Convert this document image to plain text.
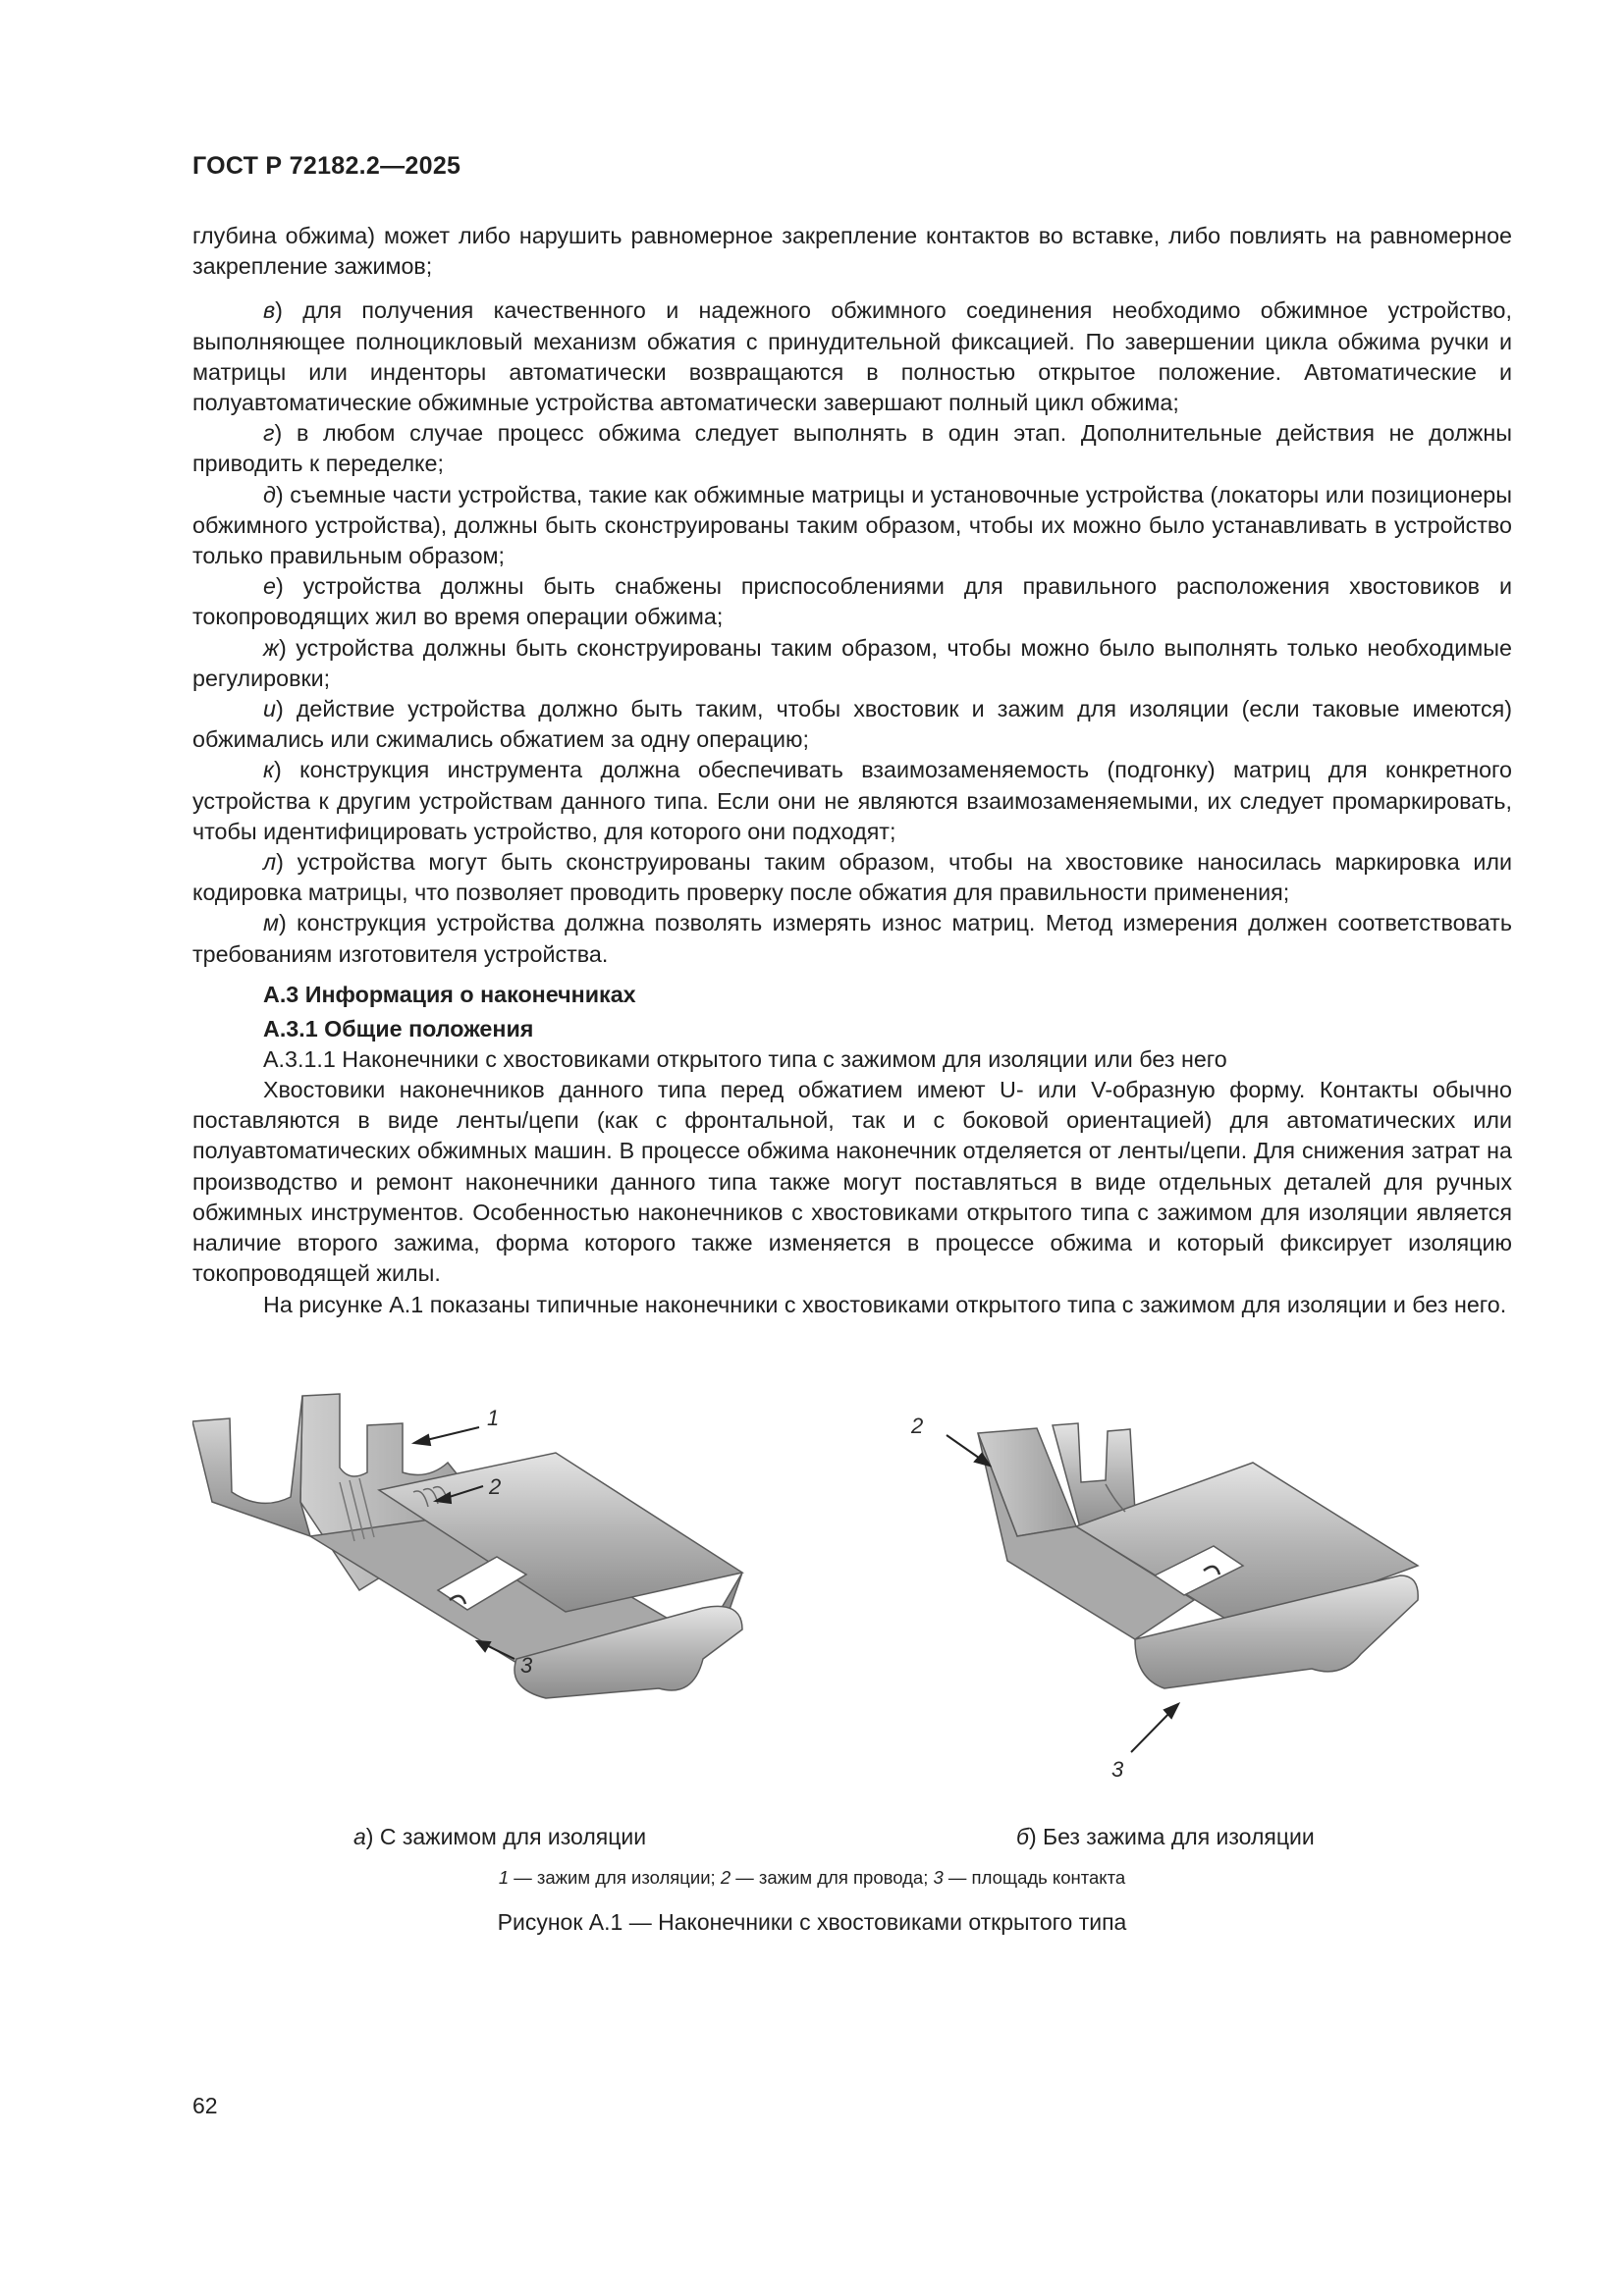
ГОСТ Р 72182.2—2025

глубина обжима) может либо нарушить равномерное закрепление контактов во вставке, либо повлиять на равномерное закрепление зажимов;

в) для получения качественного и надежного обжимного соединения необходимо обжимное устройство, выполняющее полноцикловый механизм обжатия с принудительной фиксацией. По завершении цикла обжима ручки и матрицы или инденторы автоматически возвращаются в полностью открытое положение. Автоматические и полуавтоматические обжимные устройства автоматически завершают полный цикл обжима;

г) в любом случае процесс обжима следует выполнять в один этап. Дополнительные действия не должны приводить к переделке;

д) съемные части устройства, такие как обжимные матрицы и установочные устройства (локаторы или позиционеры обжимного устройства), должны быть сконструированы таким образом, чтобы их можно было устанавливать в устройство только правильным образом;

е) устройства должны быть снабжены приспособлениями для правильного расположения хвостовиков и токопроводящих жил во время операции обжима;

ж) устройства должны быть сконструированы таким образом, чтобы можно было выполнять только необходимые регулировки;

и) действие устройства должно быть таким, чтобы хвостовик и зажим для изоляции (если таковые имеются) обжимались или сжимались обжатием за одну операцию;

к) конструкция инструмента должна обеспечивать взаимозаменяемость (подгонку) матриц для конкретного устройства к другим устройствам данного типа. Если они не являются взаимозаменяемыми, их следует промаркировать, чтобы идентифицировать устройство, для которого они подходят;

л) устройства могут быть сконструированы таким образом, чтобы на хвостовике наносилась маркировка или кодировка матрицы, что позволяет проводить проверку после обжатия для правильности применения;

м) конструкция устройства должна позволять измерять износ матриц. Метод измерения должен соответствовать требованиям изготовителя устройства.

А.3 Информация о наконечниках
А.3.1 Общие положения

А.3.1.1 Наконечники с хвостовиками открытого типа с зажимом для изоляции или без него

Хвостовики наконечников данного типа перед обжатием имеют U- или V-образную форму. Контакты обычно поставляются в виде ленты/цепи (как с фронтальной, так и с боковой ориентацией) для автоматических или полуавтоматических обжимных машин. В процессе обжима наконечник отделяется от ленты/цепи. Для снижения затрат на производство и ремонт наконечники данного типа также могут поставляться в виде отдельных деталей для ручных обжимных инструментов. Особенностью наконечников с хвостовиками открытого типа с зажимом для изоляции является наличие второго зажима, форма которого также изменяется в процессе обжима и который фиксирует изоляцию токопроводящей жилы.

На рисунке А.1 показаны типичные наконечники с хвостовиками открытого типа с зажимом для изоляции и без него.

1
2
3
2
3
а) С зажимом для изоляции	б) Без зажима для изоляции
1 — зажим для изоляции; 2 — зажим для провода; 3 — площадь контакта
Рисунок А.1 — Наконечники с хвостовиками открытого типа
62
